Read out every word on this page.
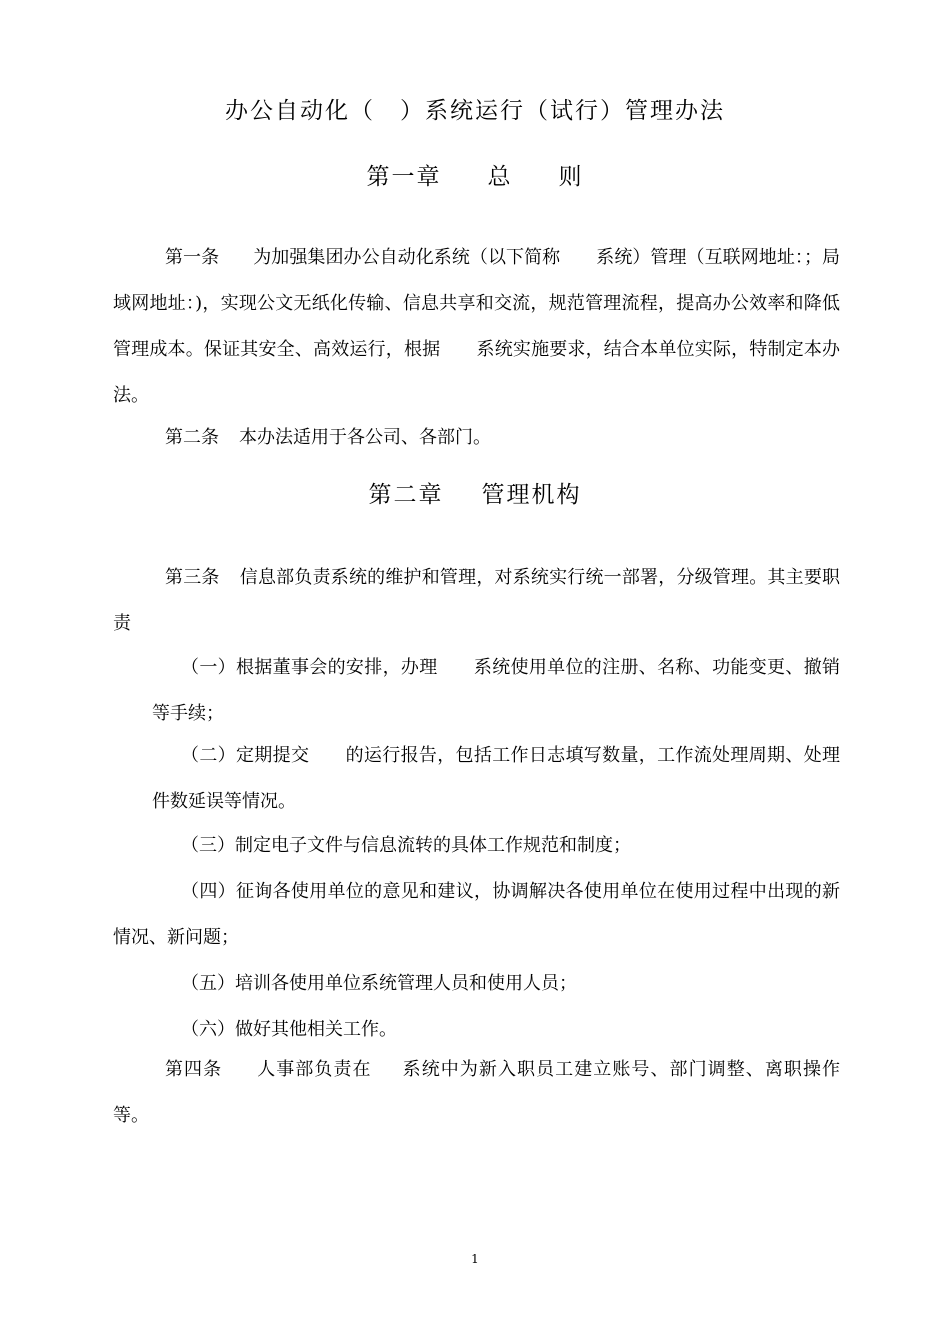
办公自动化（　）系统运行（试行）管理办法
第一章 总 则
第一条 为加强集团办公自动化系统（以下简称 系统）管理（互联网地址：；局域网地址：)，实现公文无纸化传输、信息共享和交流，规范管理流程，提高办公效率和降低管理成本。保证其安全、高效运行，根据 系统实施要求，结合本单位实际，特制定本办法。
第二条 本办法适用于各公司、各部门。
第二章 管理机构
第三条 信息部负责系统的维护和管理，对系统实行统一部署，分级管理。其主要职责
（一）根据董事会的安排，办理 系统使用单位的注册、名称、功能变更、撤销等手续；
（二）定期提交 的运行报告，包括工作日志填写数量，工作流处理周期、处理件数延误等情况。
（三）制定电子文件与信息流转的具体工作规范和制度；
（四）征询各使用单位的意见和建议，协调解决各使用单位在使用过程中出现的新情况、新问题；
（五）培训各使用单位系统管理人员和使用人员；
（六）做好其他相关工作。
第四条 人事部负责在 系统中为新入职员工建立账号、部门调整、离职操作等。
1
